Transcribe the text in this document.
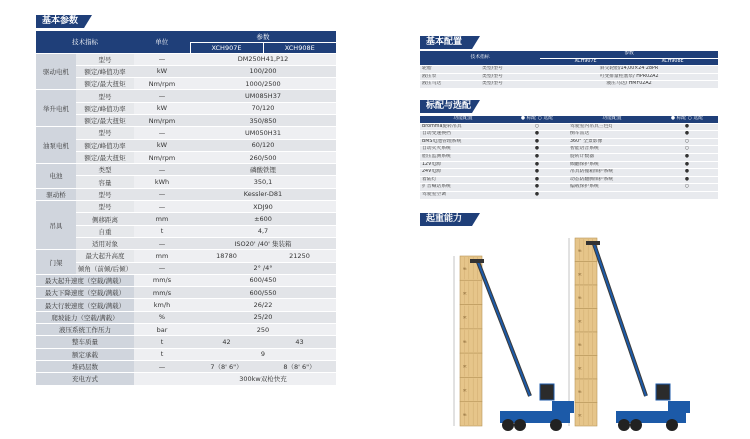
基本参数
技术指标		单位	参数	
			XCH907E	XCH908E
驱动电机	型号	—	DM250H41,P12	
	额定/峰值功率	kW	100/200	
	额定/最大扭矩	Nm/rpm	1000/2500	
举升电机	型号	—	UM085H37	
	额定/峰值功率	kW	70/120	
	额定/最大扭矩	Nm/rpm	350/850	
油泵电机	型号	—	UM050H31	
	额定/峰值功率	kW	60/120	
	额定/最大扭矩	Nm/rpm	260/500	
电池	类型	—	磷酸铁锂	
	容量	kWh	350,1	
驱动桥	型号	—	Kessler-D81	
吊具	型号	—	XDJ90	
	侧移距离	mm	±600	
	自重	t	4,7	
	适用对象	—	ISO20' /40' 集装箱	
门架	最大起升高度	mm	18780	21250
	倾角（前倾/后倾）	—	2° /4°	
最大起升速度（空载/满载）		mm/s	600/450	
最大下降速度（空载/满载）		mm/s	600/550	
最大行驶速度（空载/满载）		km/h	26/22	
爬坡能力（空载/满载）		%	25/20	
液压系统工作压力		bar	250	
整车质量		t	42	43
额定承载		t	9	
堆码层数		—	7（8' 6"）	8（8' 6"）
充电方式			300kw双枪快充	
基本配置
技术指标		参数

		XCH907E XCH908E

轮胎	类型/型号	斜交轮胎/14,00×24 28PR
液压泵	类型/型号	可变排量柱塞泵/ HPR02A2
液压马达	类型/型号	液压马达/ HMF02A2
标配与选配
功能配置	● 标配 ○ 选配	功能配置	● 标配 ○ 选配
Bromma旋转吊具	○	驾驶室内吊具三色灯	●
自动变速换挡	●	倒车雷达	●
BMS电池管理系统	●	360° 全景影像	○
自动灭火系统	●	智能语音系统	○
胎压监测系统	●	旋转计数器	●
12V电源	●	倾翻保护系统	●
24V电源	●	吊具防撞箱保护系统	●
着陆灯	●	动态防翻腾保护系统	●
扩音喊话系统	●	偏载保护系统	○
驾驶室空调	●		
起重能力
9t
9t
9t
9t
9t
9t
9t
9t
9t
9t
9t
9t
9t
9t
9t
